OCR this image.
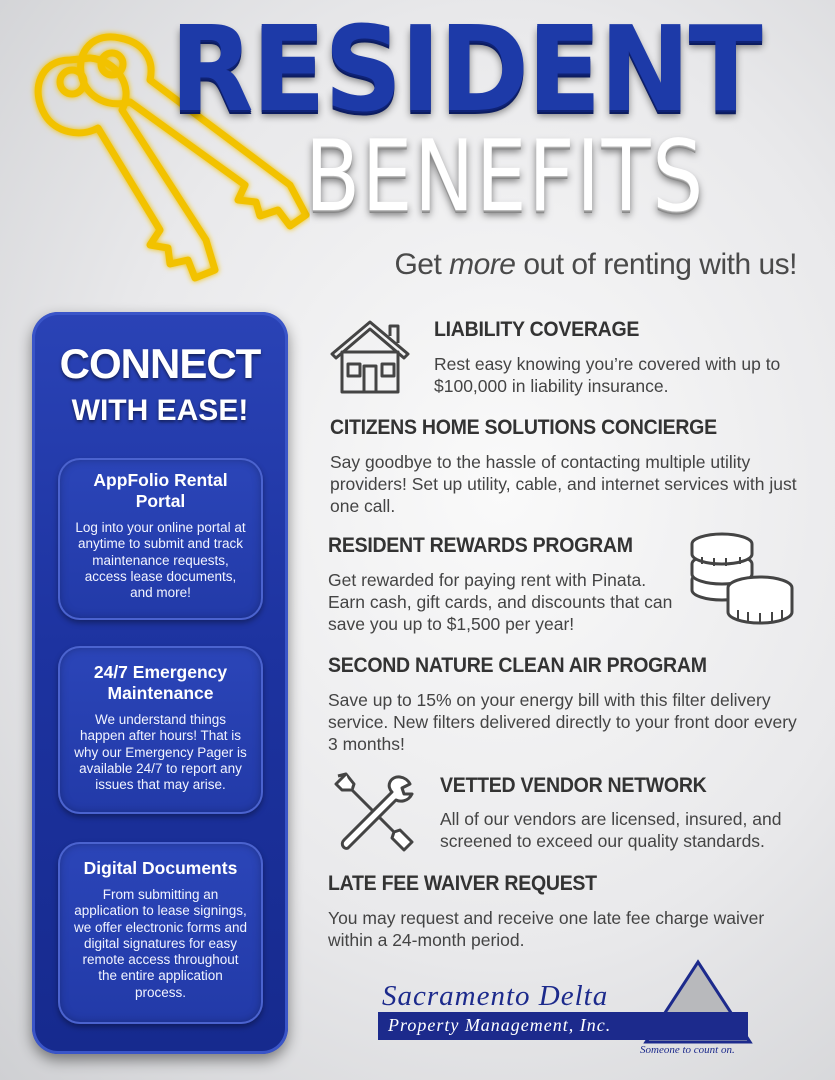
RESIDENT
BENEFITS

Get more out of renting with us!

CONNECT

WITH EASE!

AppFolio Rental Portal
Log into your online portal at anytime to submit and track maintenance requests, access lease documents, and more!
24/7 Emergency Maintenance
We understand things happen after hours! That is why our Emergency Pager is available 24/7 to report any issues that may arise.
Digital Documents
From submitting an application to lease signings, we offer electronic forms and digital signatures for easy remote access throughout the entire application process.
LIABILITY COVERAGE

Rest easy knowing you’re covered with up to $100,000 in liability insurance.

CITIZENS HOME SOLUTIONS CONCIERGE

Say goodbye to the hassle of contacting multiple utility providers! Set up utility, cable, and internet services with just one call.

RESIDENT REWARDS PROGRAM

Get rewarded for paying rent with Pinata. Earn cash, gift cards, and discounts that can save you up to $1,500 per year!

SECOND NATURE CLEAN AIR PROGRAM

Save up to 15% on your energy bill with this filter delivery service. New filters delivered directly to your front door every 3 months!

VETTED VENDOR NETWORK

All of our vendors are licensed, insured, and screened to exceed our quality standards.

LATE FEE WAIVER REQUEST

You may request and receive one late fee charge waiver within a 24-month period.

Sacramento Delta

Property Management, Inc.

Someone to count on.
